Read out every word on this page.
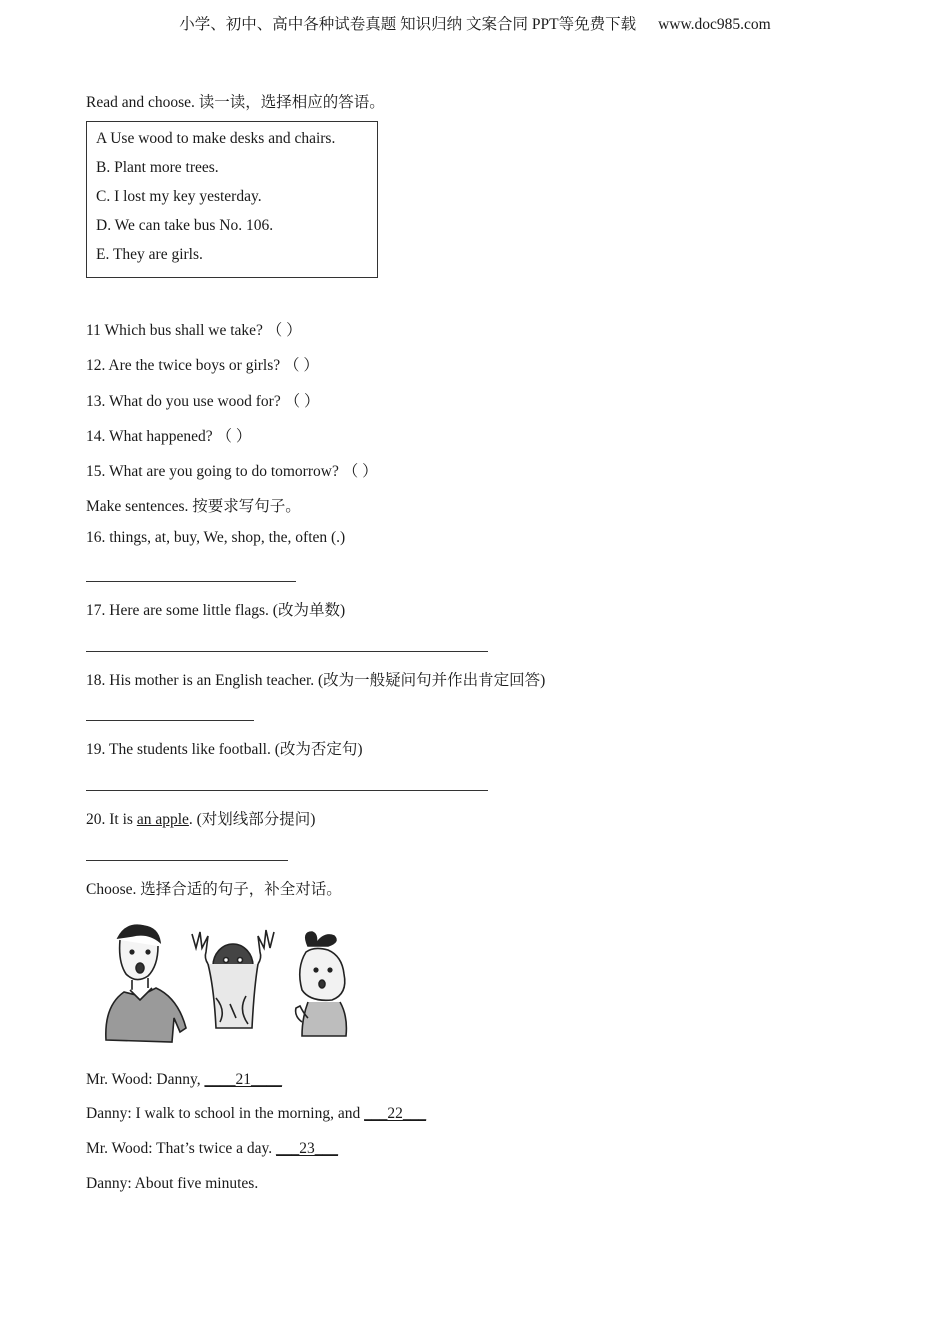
小学、初中、高中各种试卷真题 知识归纳 文案合同 PPT等免费下载 www.doc985.com
Read and choose. 读一读，选择相应的答语。
A Use wood to make desks and chairs.
B. Plant more trees.
C. I lost my key yesterday.
D. We can take bus No. 106.
E. They are girls.
11 Which bus shall we take? （ ）
12. Are the twice boys or girls? （ ）
13. What do you use wood for? （ ）
14. What happened? （ ）
15. What are you going to do tomorrow? （ ）
Make sentences. 按要求写句子。
16. things, at, buy, We, shop, the, often (.)
17. Here are some little flags. (改为单数)
18. His mother is an English teacher. (改为一般疑问句并作出肯定回答)
19. The students like football. (改为否定句)
20. It is an apple. (对划线部分提问)
Choose. 选择合适的句子，补全对话。
Mr. Wood: Danny, ____21____
Danny: I walk to school in the morning, and ___22___
Mr. Wood: That’s twice a day. ___23___
Danny: About five minutes.
